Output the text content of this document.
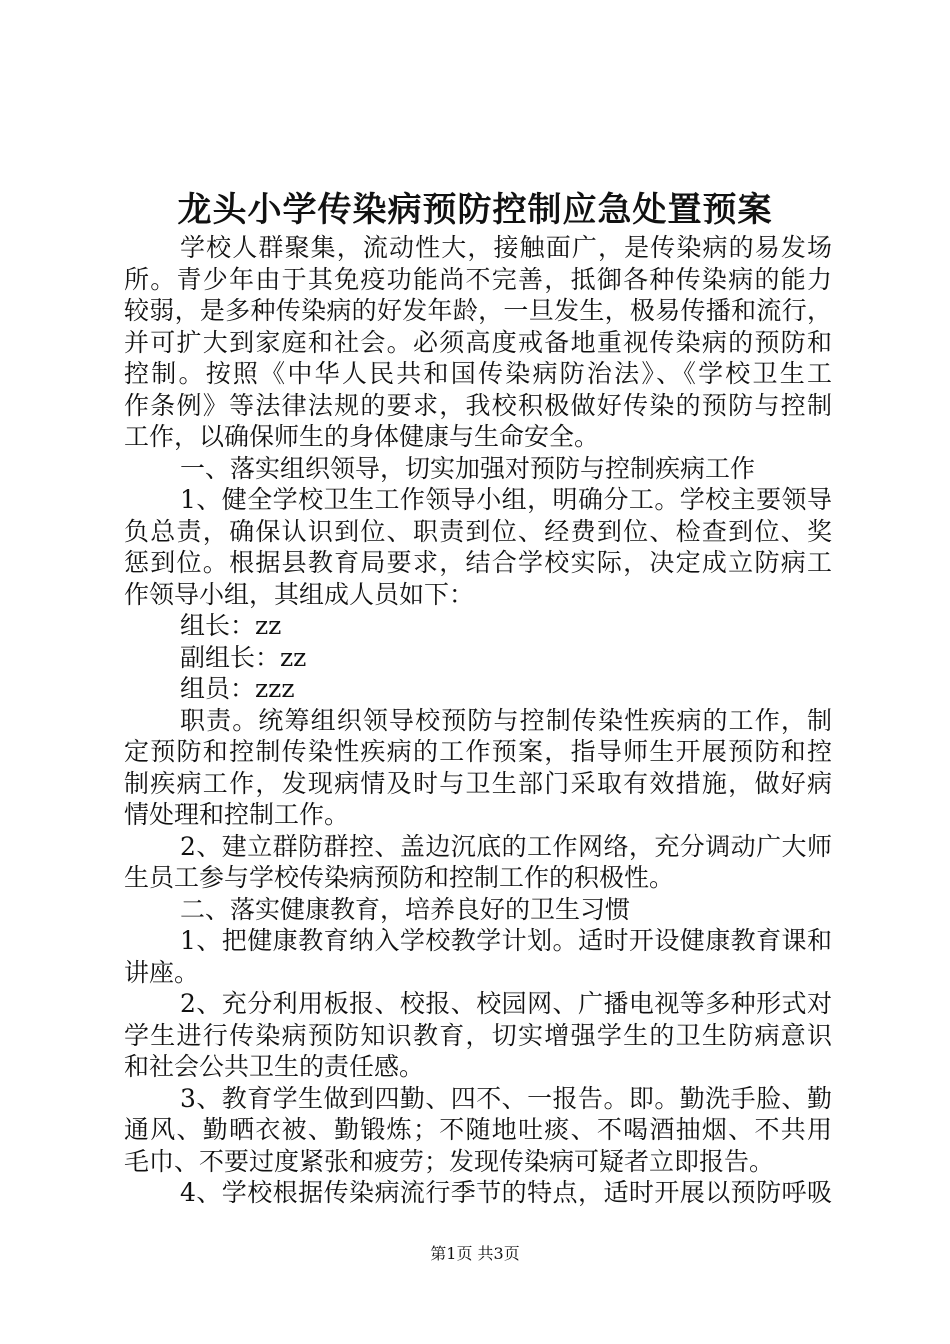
龙头小学传染病预防控制应急处置预案
学校人群聚集，流动性大，接触面广，是传染病的易发场
所。青少年由于其免疫功能尚不完善，抵御各种传染病的能力
较弱，是多种传染病的好发年龄，一旦发生，极易传播和流行，
并可扩大到家庭和社会。必须高度戒备地重视传染病的预防和
控制。按照《中华人民共和国传染病防治法》、《学校卫生工
作条例》等法律法规的要求，我校积极做好传染的预防与控制
工作，以确保师生的身体健康与生命安全。
一、落实组织领导，切实加强对预防与控制疾病工作
1、健全学校卫生工作领导小组，明确分工。学校主要领导
负总责，确保认识到位、职责到位、经费到位、检查到位、奖
惩到位。根据县教育局要求，结合学校实际，决定成立防病工
作领导小组，其组成人员如下：
组长：zz
副组长：zz
组员：zzz
职责。统筹组织领导校预防与控制传染性疾病的工作，制
定预防和控制传染性疾病的工作预案，指导师生开展预防和控
制疾病工作，发现病情及时与卫生部门采取有效措施，做好病
情处理和控制工作。
2、建立群防群控、盖边沉底的工作网络，充分调动广大师
生员工参与学校传染病预防和控制工作的积极性。
二、落实健康教育，培养良好的卫生习惯
1、把健康教育纳入学校教学计划。适时开设健康教育课和
讲座。
2、充分利用板报、校报、校园网、广播电视等多种形式对
学生进行传染病预防知识教育，切实增强学生的卫生防病意识
和社会公共卫生的责任感。
3、教育学生做到四勤、四不、一报告。即。勤洗手脸、勤
通风、勤晒衣被、勤锻炼；不随地吐痰、不喝酒抽烟、不共用
毛巾、不要过度紧张和疲劳；发现传染病可疑者立即报告。
4、学校根据传染病流行季节的特点，适时开展以预防呼吸
第1页 共3页
